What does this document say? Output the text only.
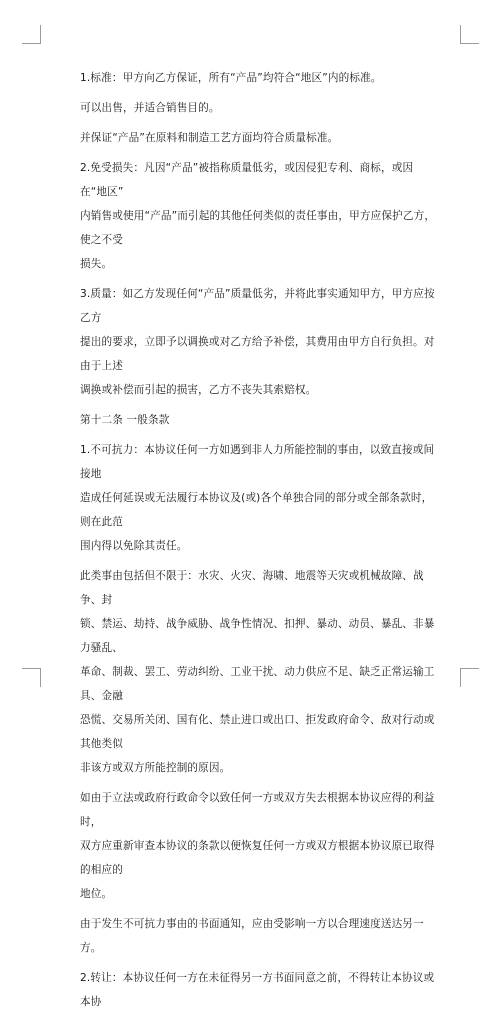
1.标准：甲方向乙方保证，所有“产品”均符合“地区”内的标准。
可以出售，并适合销售目的。
并保证“产品”在原料和制造工艺方面均符合质量标准。
2.免受损失：凡因“产品”被指称质量低劣，或因侵犯专利、商标，或因在“地区”
内销售或使用“产品”而引起的其他任何类似的责任事由，甲方应保护乙方，使之不受
损失。
3.质量：如乙方发现任何“产品”质量低劣，并将此事实通知甲方，甲方应按乙方
提出的要求，立即予以调换或对乙方给予补偿，其费用由甲方自行负担。对由于上述
调换或补偿而引起的损害，乙方不丧失其索赔权。
第十二条 一般条款
1.不可抗力：本协议任何一方如遇到非人力所能控制的事由，以致直接或间接地
造成任何延误或无法履行本协议及(或)各个单独合同的部分或全部条款时，则在此范
围内得以免除其责任。
此类事由包括但不限于：水灾、火灾、海啸、地震等天灾或机械故障、战争、封
锁、禁运、劫持、战争威胁、战争性情况、扣押、暴动、动员、暴乱、非暴力骚乱、
革命、制裁、罢工、劳动纠纷、工业干扰、动力供应不足、缺乏正常运输工具、金融
恐慌、交易所关闭、国有化、禁止进口或出口、拒发政府命令、敌对行动或其他类似
非该方或双方所能控制的原因。
如由于立法或政府行政命令以致任何一方或双方失去根据本协议应得的利益时，
双方应重新审查本协议的条款以便恢复任何一方或双方根据本协议原已取得的相应的
地位。
由于发生不可抗力事由的书面通知，应由受影响一方以合理速度送达另一方。
2.转让：本协议任何一方在未征得另一方书面同意之前，不得转让本协议或本协
